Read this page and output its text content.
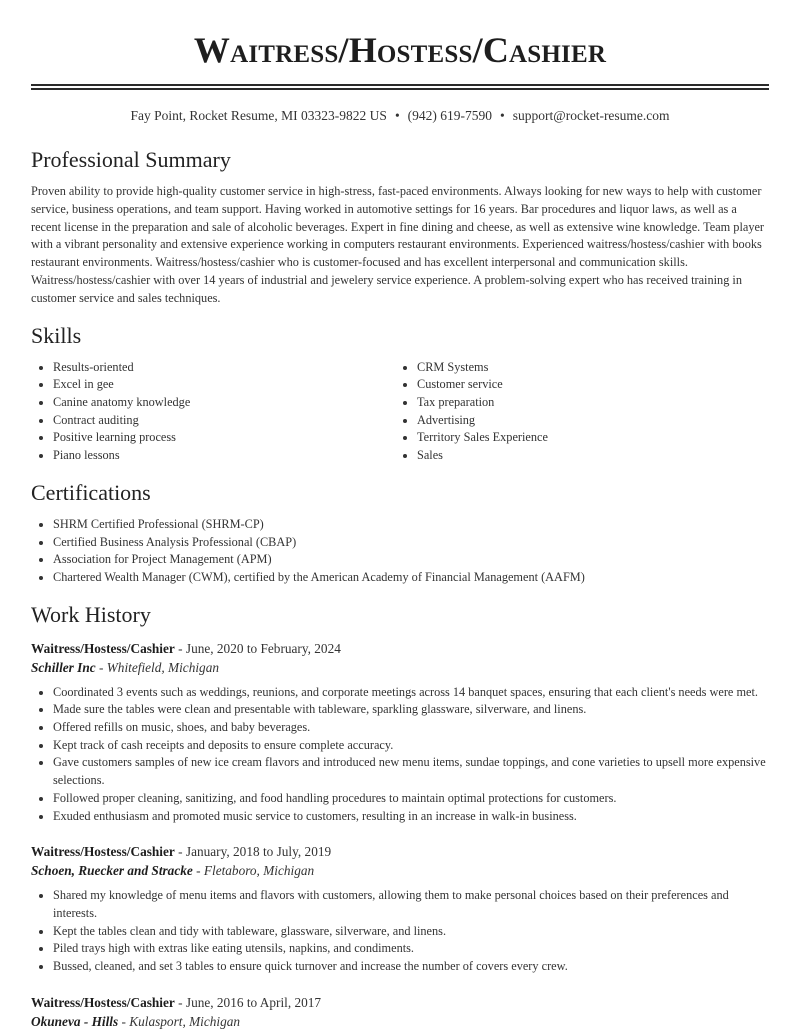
Waitress/Hostess/Cashier
Fay Point, Rocket Resume, MI 03323-9822 US • (942) 619-7590 • support@rocket-resume.com
Professional Summary

Proven ability to provide high-quality customer service in high-stress, fast-paced environments. Always looking for new ways to help with customer service, business operations, and team support. Having worked in automotive settings for 16 years. Bar procedures and liquor laws, as well as a recent license in the preparation and sale of alcoholic beverages. Expert in fine dining and cheese, as well as extensive wine knowledge. Team player with a vibrant personality and extensive experience working in computers restaurant environments. Experienced waitress/hostess/cashier with books restaurant environments. Waitress/hostess/cashier who is customer-focused and has excellent interpersonal and communication skills. Waitress/hostess/cashier with over 14 years of industrial and jewelery service experience. A problem-solving expert who has received training in customer service and sales techniques.

Skills
• Results-oriented
• Excel in gee
• Canine anatomy knowledge
• Contract auditing
• Positive learning process
• Piano lessons
• CRM Systems
• Customer service
• Tax preparation
• Advertising
• Territory Sales Experience
• Sales
Certifications
• SHRM Certified Professional (SHRM-CP)
• Certified Business Analysis Professional (CBAP)
• Association for Project Management (APM)
• Chartered Wealth Manager (CWM), certified by the American Academy of Financial Management (AAFM)
Work History
Waitress/Hostess/Cashier - June, 2020 to February, 2024
Schiller Inc - Whitefield, Michigan
• Coordinated 3 events such as weddings, reunions, and corporate meetings across 14 banquet spaces, ensuring that each client's needs were met.
• Made sure the tables were clean and presentable with tableware, sparkling glassware, silverware, and linens.
• Offered refills on music, shoes, and baby beverages.
• Kept track of cash receipts and deposits to ensure complete accuracy.
• Gave customers samples of new ice cream flavors and introduced new menu items, sundae toppings, and cone varieties to upsell more expensive selections.
• Followed proper cleaning, sanitizing, and food handling procedures to maintain optimal protections for customers.
• Exuded enthusiasm and promoted music service to customers, resulting in an increase in walk-in business.
Waitress/Hostess/Cashier - January, 2018 to July, 2019
Schoen, Ruecker and Stracke - Fletaboro, Michigan
• Shared my knowledge of menu items and flavors with customers, allowing them to make personal choices based on their preferences and interests.
• Kept the tables clean and tidy with tableware, glassware, silverware, and linens.
• Piled trays high with extras like eating utensils, napkins, and condiments.
• Bussed, cleaned, and set 3 tables to ensure quick turnover and increase the number of covers every crew.
Waitress/Hostess/Cashier - June, 2016 to April, 2017
Okuneva - Hills - Kulasport, Michigan
